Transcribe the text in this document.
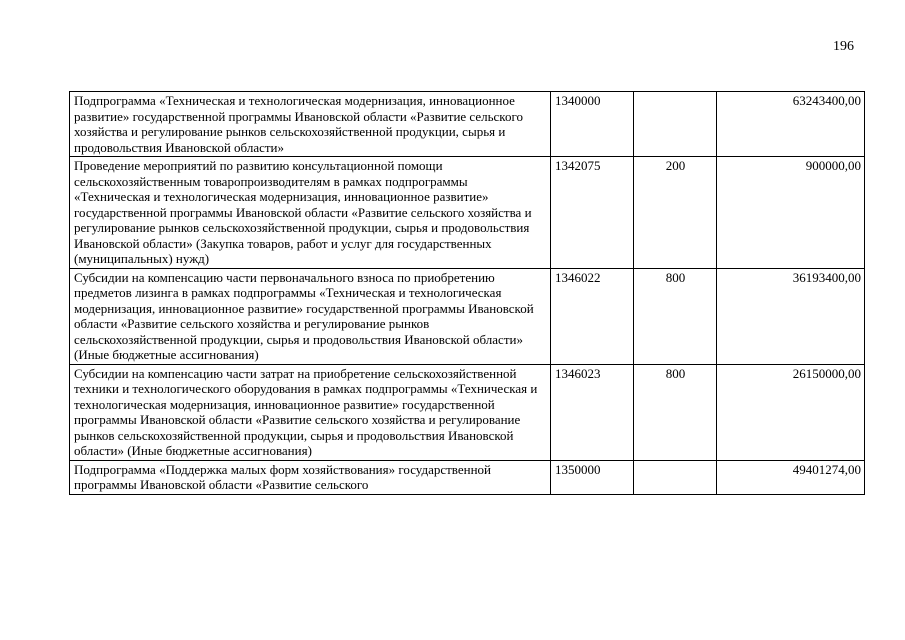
196
Подпрограмма «Техническая и технологическая модернизация, инновационное развитие» государственной программы Ивановской области «Развитие сельского хозяйства и регулирование рынков сельскохозяйственной продукции, сырья и продовольствия Ивановской области»	1340000		63243400,00
Проведение мероприятий по развитию консультационной помощи сельскохозяйственным товаропроизводителям в рамках подпрограммы «Техническая и технологическая модернизация, инновационное развитие» государственной программы Ивановской области «Развитие сельского хозяйства и регулирование рынков сельскохозяйственной продукции, сырья и продовольствия Ивановской области» (Закупка товаров, работ и услуг для государственных (муниципальных) нужд)	1342075	200	900000,00
Субсидии на компенсацию части первоначального взноса по приобретению предметов лизинга в рамках подпрограммы «Техническая и технологическая модернизация, инновационное развитие» государственной программы Ивановской области «Развитие сельского хозяйства и регулирование рынков сельскохозяйственной продукции, сырья и продовольствия Ивановской области» (Иные бюджетные ассигнования)	1346022	800	36193400,00
Субсидии на компенсацию части затрат на приобретение сельскохозяйственной техники и технологического оборудования в рамках подпрограммы «Техническая и технологическая модернизация, инновационное развитие» государственной программы Ивановской области «Развитие сельского хозяйства и регулирование рынков сельскохозяйственной продукции, сырья и продовольствия Ивановской области» (Иные бюджетные ассигнования)	1346023	800	26150000,00

Подпрограмма «Поддержка малых форм хозяйствования» государственной программы Ивановской области «Развитие сельского	1350000		49401274,00
